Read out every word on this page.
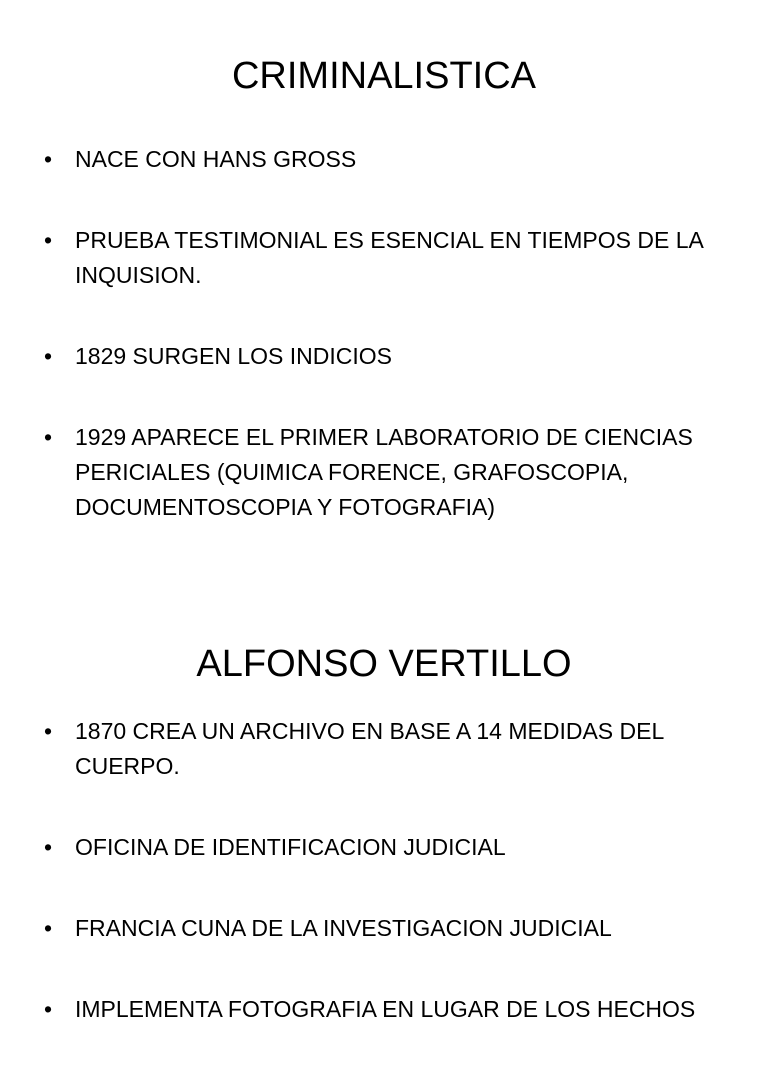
CRIMINALISTICA
• NACE CON HANS GROSS
• PRUEBA TESTIMONIAL ES ESENCIAL EN TIEMPOS DE LA INQUISION.
• 1829 SURGEN LOS INDICIOS
• 1929 APARECE EL PRIMER LABORATORIO DE CIENCIAS PERICIALES (QUIMICA FORENCE, GRAFOSCOPIA, DOCUMENTOSCOPIA Y FOTOGRAFIA)
ALFONSO VERTILLO
• 1870 CREA UN ARCHIVO EN BASE A 14 MEDIDAS DEL CUERPO.
• OFICINA DE IDENTIFICACION JUDICIAL
• FRANCIA CUNA DE LA INVESTIGACION JUDICIAL
• IMPLEMENTA FOTOGRAFIA EN LUGAR DE LOS HECHOS
